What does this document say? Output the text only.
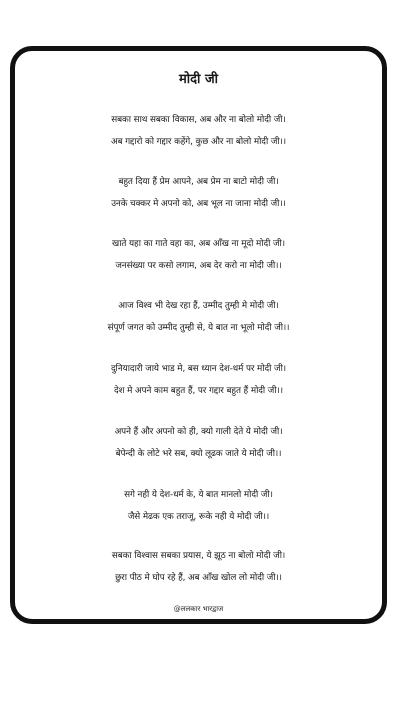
मोदी जी
सबका साथ सबका विकास, अब और ना बोलो मोदी जी।
अब गद्दारो को गद्दार कहेंगे, कुछ और ना बोलो मोदी जी।।
बहुत दिया हैं प्रेम आपने, अब प्रेम ना बाटो मोदी जी।
उनके चक्कर मे अपनो को, अब भूल ना जाना मोदी जी।।
खाते यहा का गाते वहा का, अब आँख ना मूदो मोदी जी।
जनसंख्या पर कसो लगाम, अब देर करो ना मोदी जी।।
आज विश्व भी देख रहा हैं, उम्मीद तुम्ही मे मोदी जी।
संपूर्ण जगत को उम्मीद तुम्ही से, ये बात ना भूलो मोदी जी।।
दुनियादारी जाये भाड मे, बस ध्यान देश-धर्म पर मोदी जी।
देश मे अपने काम बहुत हैं, पर गद्दार बहुत हैं मोदी जी।।
अपने हैं और अपनो को ही, क्यो गाली देते ये मोदी जी।
बेपेन्दी के लोटे भरे सब, क्यो लूढक जाते ये मोदी जी।।
सगे नही ये देश-धर्म के, ये बात मानलो मोदी जी।
जैसे मेढक एक तराजू, रूके नही ये मोदी जी।।
सबका विश्वास सबका प्रयास, ये झूठ ना बोलो मोदी जी।
छुरा पीठ मे घोप रहे हैं, अब आँख खोल लो मोदी जी।।
@ललकार भारद्वाज
